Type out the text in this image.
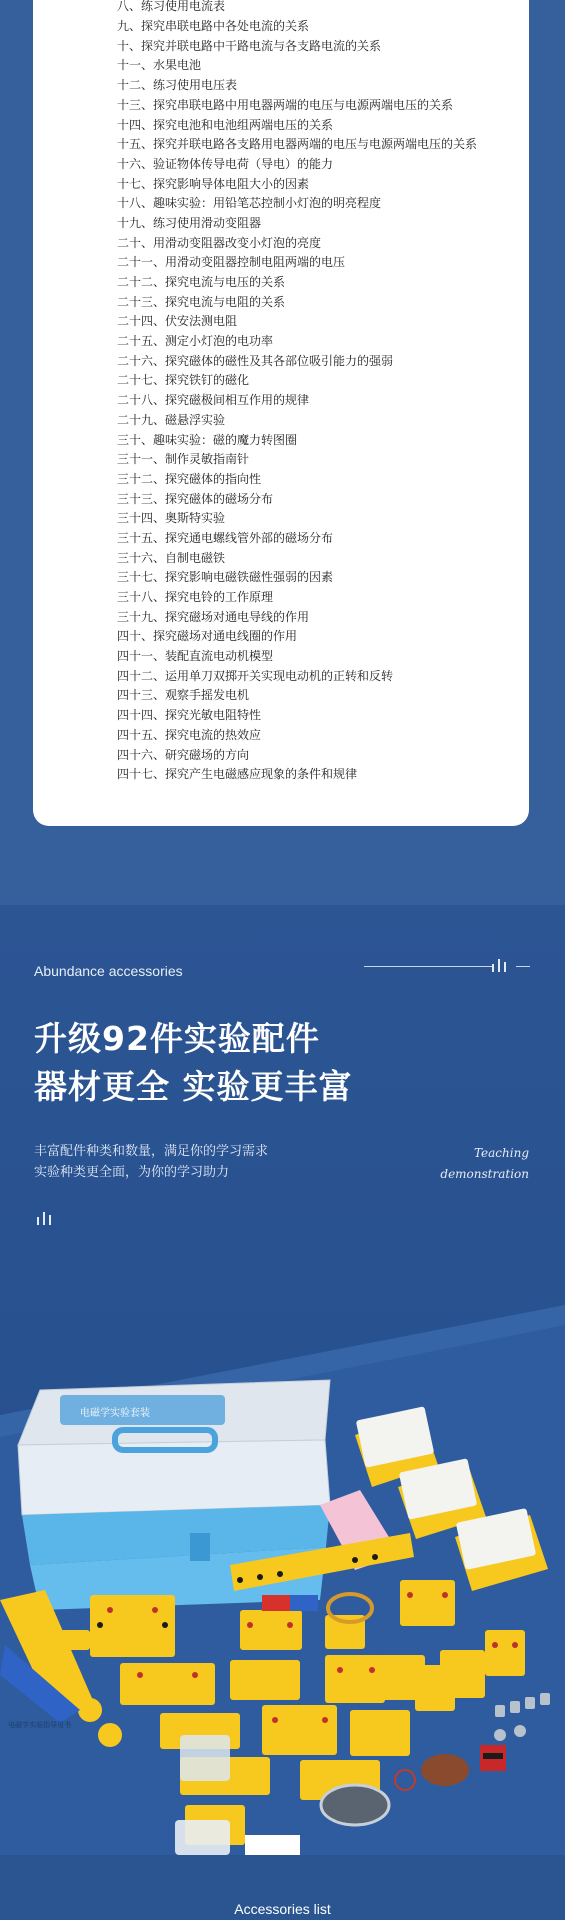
八、练习使用电流表
九、探究串联电路中各处电流的关系
十、探究并联电路中干路电流与各支路电流的关系
十一、水果电池
十二、练习使用电压表
十三、探究串联电路中用电器两端的电压与电源两端电压的关系
十四、探究电池和电池组两端电压的关系
十五、探究并联电路各支路用电器两端的电压与电源两端电压的关系
十六、验证物体传导电荷（导电）的能力
十七、探究影响导体电阻大小的因素
十八、趣味实验：用铅笔芯控制小灯泡的明亮程度
十九、练习使用滑动变阻器
二十、用滑动变阻器改变小灯泡的亮度
二十一、用滑动变阻器控制电阻两端的电压
二十二、探究电流与电压的关系
二十三、探究电流与电阻的关系
二十四、伏安法测电阻
二十五、测定小灯泡的电功率
二十六、探究磁体的磁性及其各部位吸引能力的强弱
二十七、探究铁钉的磁化
二十八、探究磁极间相互作用的规律
二十九、磁悬浮实验
三十、趣味实验：磁的魔力转图圈
三十一、制作灵敏指南针
三十二、探究磁体的指向性
三十三、探究磁体的磁场分布
三十四、奥斯特实验
三十五、探究通电螺线管外部的磁场分布
三十六、自制电磁铁
三十七、探究影响电磁铁磁性强弱的因素
三十八、探究电铃的工作原理
三十九、探究磁场对通电导线的作用
四十、探究磁场对通电线圈的作用
四十一、装配直流电动机模型
四十二、运用单刀双掷开关实现电动机的正转和反转
四十三、观察手摇发电机
四十四、探究光敏电阻特性
四十五、探究电流的热效应
四十六、研究磁场的方向
四十七、探究产生电磁感应现象的条件和规律
Abundance accessories
升级92件实验配件
器材更全 实验更丰富
丰富配件种类和数量，满足你的学习需求
实验种类更全面，为你的学习助力
Teaching
demonstration
电磁学实验指导用书
电磁学实验套装
Accessories list
